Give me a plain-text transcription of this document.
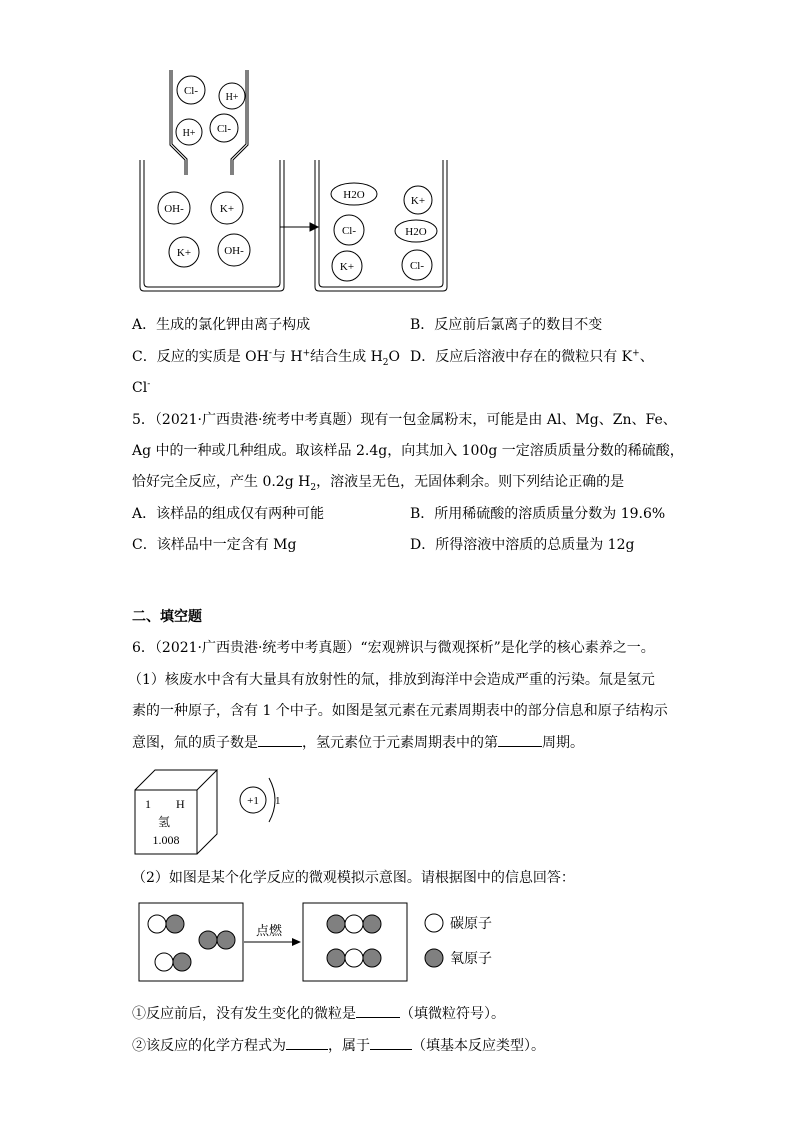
Cl-
H+
H+ Cl-
OH-	K+
K+	OH-
H2O	K+
Cl-	H2O
K+	Cl-
A．生成的氯化钾由离子构成	B．反应前后氯离子的数目不变
C．反应的实质是 OH-与 H+结合生成 $H_2O$ D．反应后溶液中存在的微粒只有 K+、
Cl-
5．（2021·广西贵港·统考中考真题）现有一包金属粉末，可能是由 Al、Mg、Zn、Fe、
Ag 中的一种或几种组成。取该样品 2.4g，向其加入 100g 一定溶质质量分数的稀硫酸，
恰好完全反应，产生 0.2g $H_2$，溶液呈无色，无固体剩余。则下列结论正确的是
A．该样品的组成仅有两种可能	B．所用稀硫酸的溶质质量分数为 19.6%
C．该样品中一定含有 Mg	D．所得溶液中溶质的总质量为 12g
二、填空题
6．（2021·广西贵港·统考中考真题）“宏观辨识与微观探析”是化学的核心素养之一。
（1）核废水中含有大量具有放射性的氚，排放到海洋中会造成严重的污染。氚是氢元
素的一种原子，含有 1 个中子。如图是氢元素在元素周期表中的部分信息和原子结构示
意图，氚的质子数是	，氢元素位于元素周期表中的第	周期。
1 H
氢
1.008
+1 1
（2）如图是某个化学反应的微观模拟示意图。请根据图中的信息回答：
点燃	碳原子
氧原子
①反应前后，没有发生变化的微粒是	（填微粒符号）。
②该反应的化学方程式为	，属于	（填基本反应类型）。
